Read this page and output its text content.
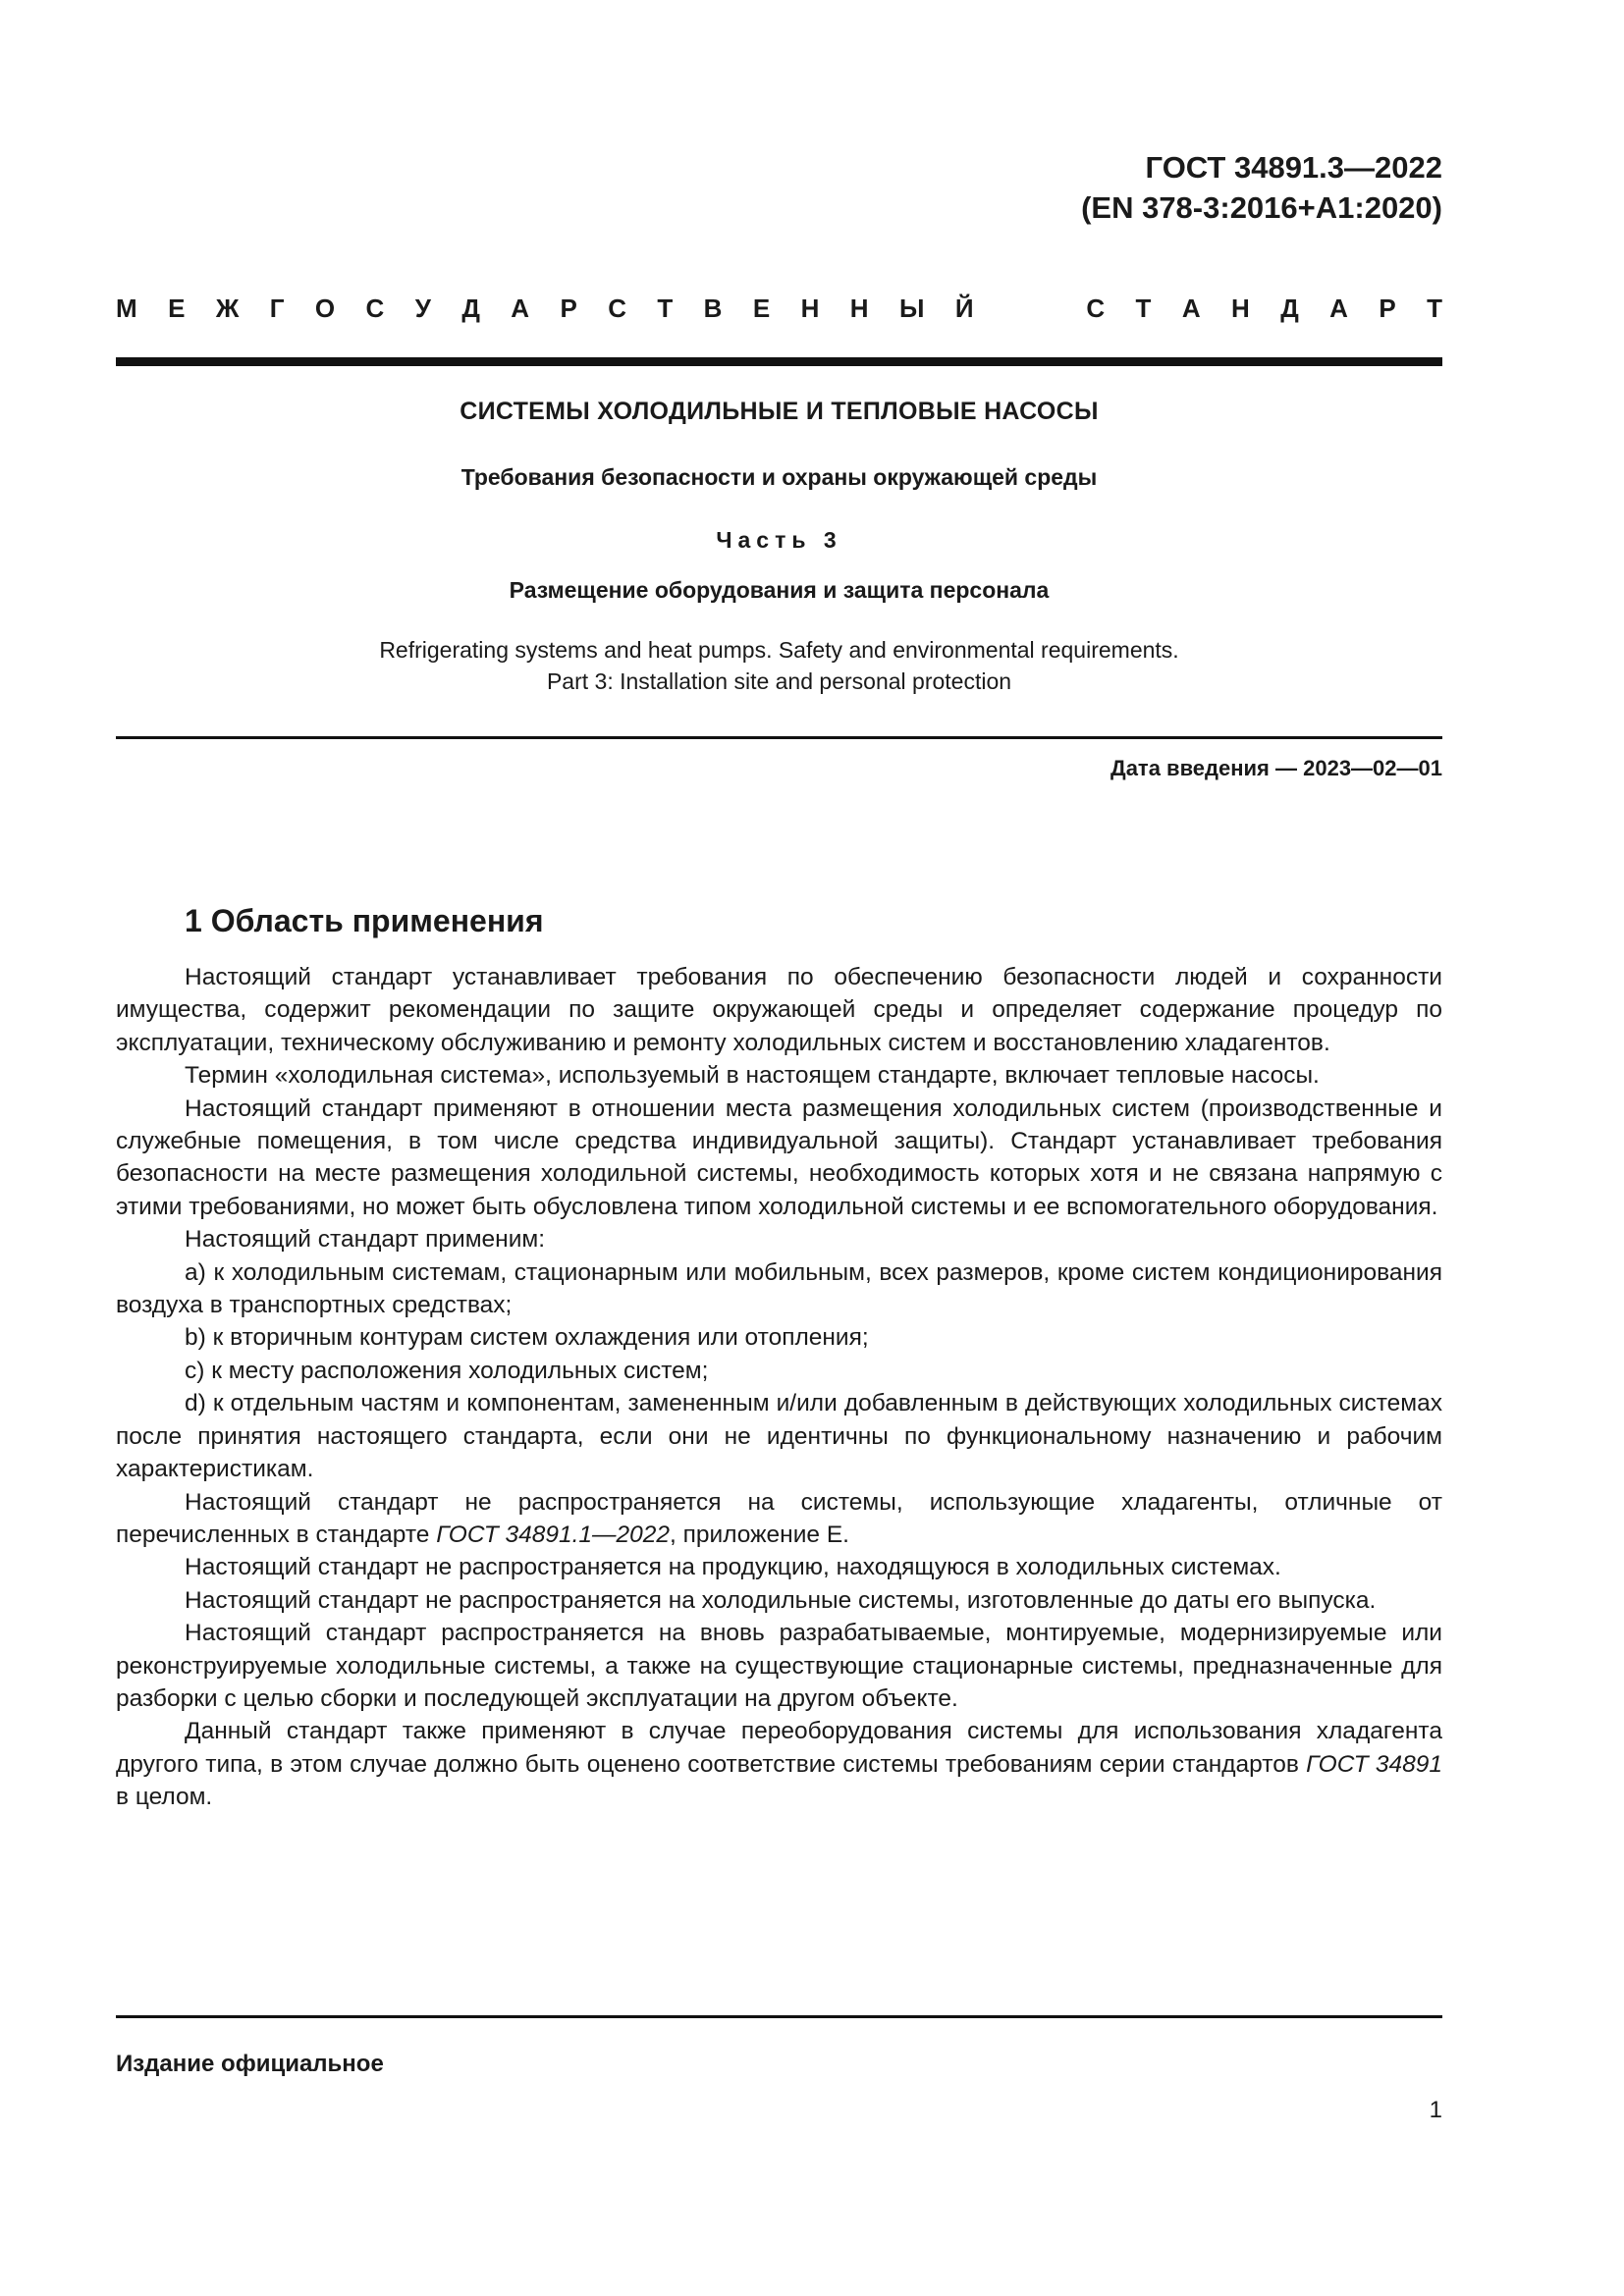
ГОСТ 34891.3—2022
(EN 378-3:2016+A1:2020)
М Е Ж Г О С У Д А Р С Т В Е Н Н Ы Й	С Т А Н Д А Р Т
СИСТЕМЫ ХОЛОДИЛЬНЫЕ И ТЕПЛОВЫЕ НАСОСЫ
Требования безопасности и охраны окружающей среды
Часть 3
Размещение оборудования и защита персонала
Refrigerating systems and heat pumps. Safety and environmental requirements.
Part 3: Installation site and personal protection
Дата введения — 2023—02—01
1 Область применения

Настоящий стандарт устанавливает требования по обеспечению безопасности людей и сохранности имущества, содержит рекомендации по защите окружающей среды и определяет содержание процедур по эксплуатации, техническому обслуживанию и ремонту холодильных систем и восстановлению хладагентов.

Термин «холодильная система», используемый в настоящем стандарте, включает тепловые насосы.

Настоящий стандарт применяют в отношении места размещения холодильных систем (производственные и служебные помещения, в том числе средства индивидуальной защиты). Стандарт устанавливает требования безопасности на месте размещения холодильной системы, необходимость которых хотя и не связана напрямую с этими требованиями, но может быть обусловлена типом холодильной системы и ее вспомогательного оборудования.

Настоящий стандарт применим:

a) к холодильным системам, стационарным или мобильным, всех размеров, кроме систем кондиционирования воздуха в транспортных средствах;

b) к вторичным контурам систем охлаждения или отопления;

c) к месту расположения холодильных систем;

d) к отдельным частям и компонентам, замененным и/или добавленным в действующих холодильных системах после принятия настоящего стандарта, если они не идентичны по функциональному назначению и рабочим характеристикам.

Настоящий стандарт не распространяется на системы, использующие хладагенты, отличные от перечисленных в стандарте ГОСТ 34891.1—2022, приложение E.

Настоящий стандарт не распространяется на продукцию, находящуюся в холодильных системах.

Настоящий стандарт не распространяется на холодильные системы, изготовленные до даты его выпуска.

Настоящий стандарт распространяется на вновь разрабатываемые, монтируемые, модернизируемые или реконструируемые холодильные системы, а также на существующие стационарные системы, предназначенные для разборки с целью сборки и последующей эксплуатации на другом объекте.

Данный стандарт также применяют в случае переоборудования системы для использования хладагента другого типа, в этом случае должно быть оценено соответствие системы требованиям серии стандартов ГОСТ 34891 в целом.

Издание официальное
1
